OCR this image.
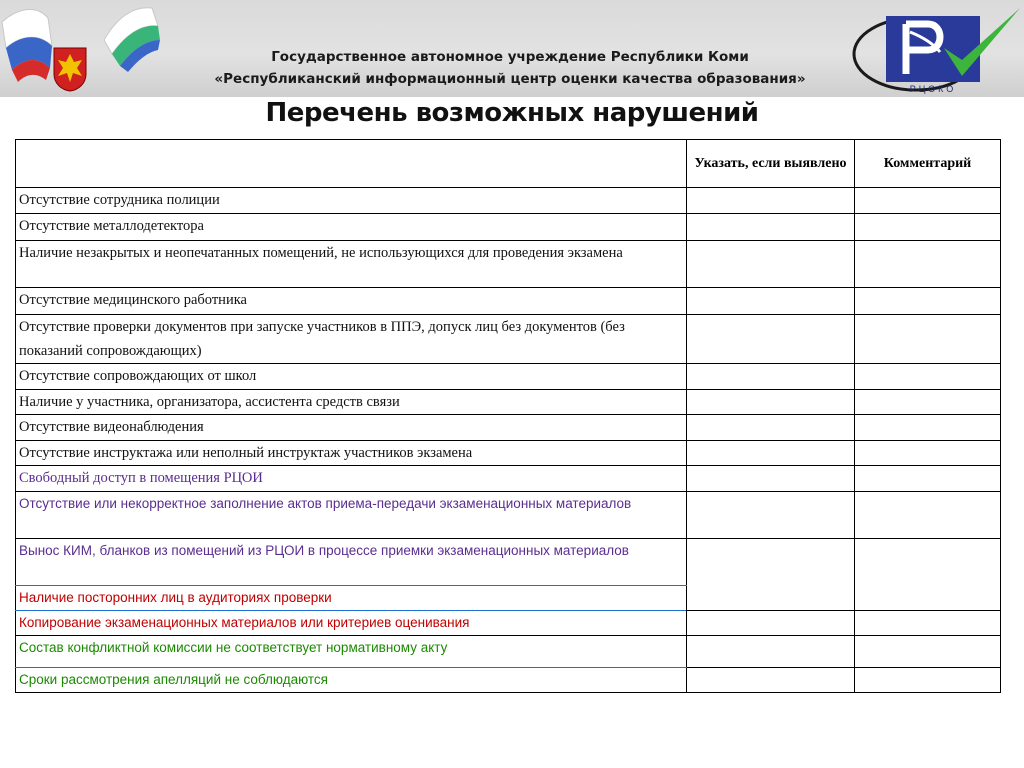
РЦОКО
Государственное автономное учреждение Республики Коми
«Республиканский информационный центр оценки качества образования»
Перечень возможных нарушений
	Указать, если выявлено	Комментарий
Отсутствие сотрудника полиции		
Отсутствие металлодетектора		
Наличие незакрытых и неопечатанных помещений, не использующихся для проведения экзамена		
Отсутствие медицинского работника		
Отсутствие проверки документов при запуске участников в ППЭ, допуск лиц без документов (без показаний сопровождающих)		
Отсутствие сопровождающих от школ		
Наличие у участника, организатора, ассистента средств связи		
Отсутствие видеонаблюдения		
Отсутствие инструктажа или неполный инструктаж участников экзамена		
Свободный доступ в помещения РЦОИ		
Отсутствие или некорректное заполнение актов приема-передачи экзаменационных материалов		
Вынос КИМ, бланков из помещений из РЦОИ в процессе приемки экзаменационных материалов		
Наличие посторонних лиц в аудиториях проверки		
Копирование экзаменационных материалов или критериев оценивания		
Состав конфликтной комиссии не соответствует нормативному акту		
Сроки рассмотрения апелляций не соблюдаются		
